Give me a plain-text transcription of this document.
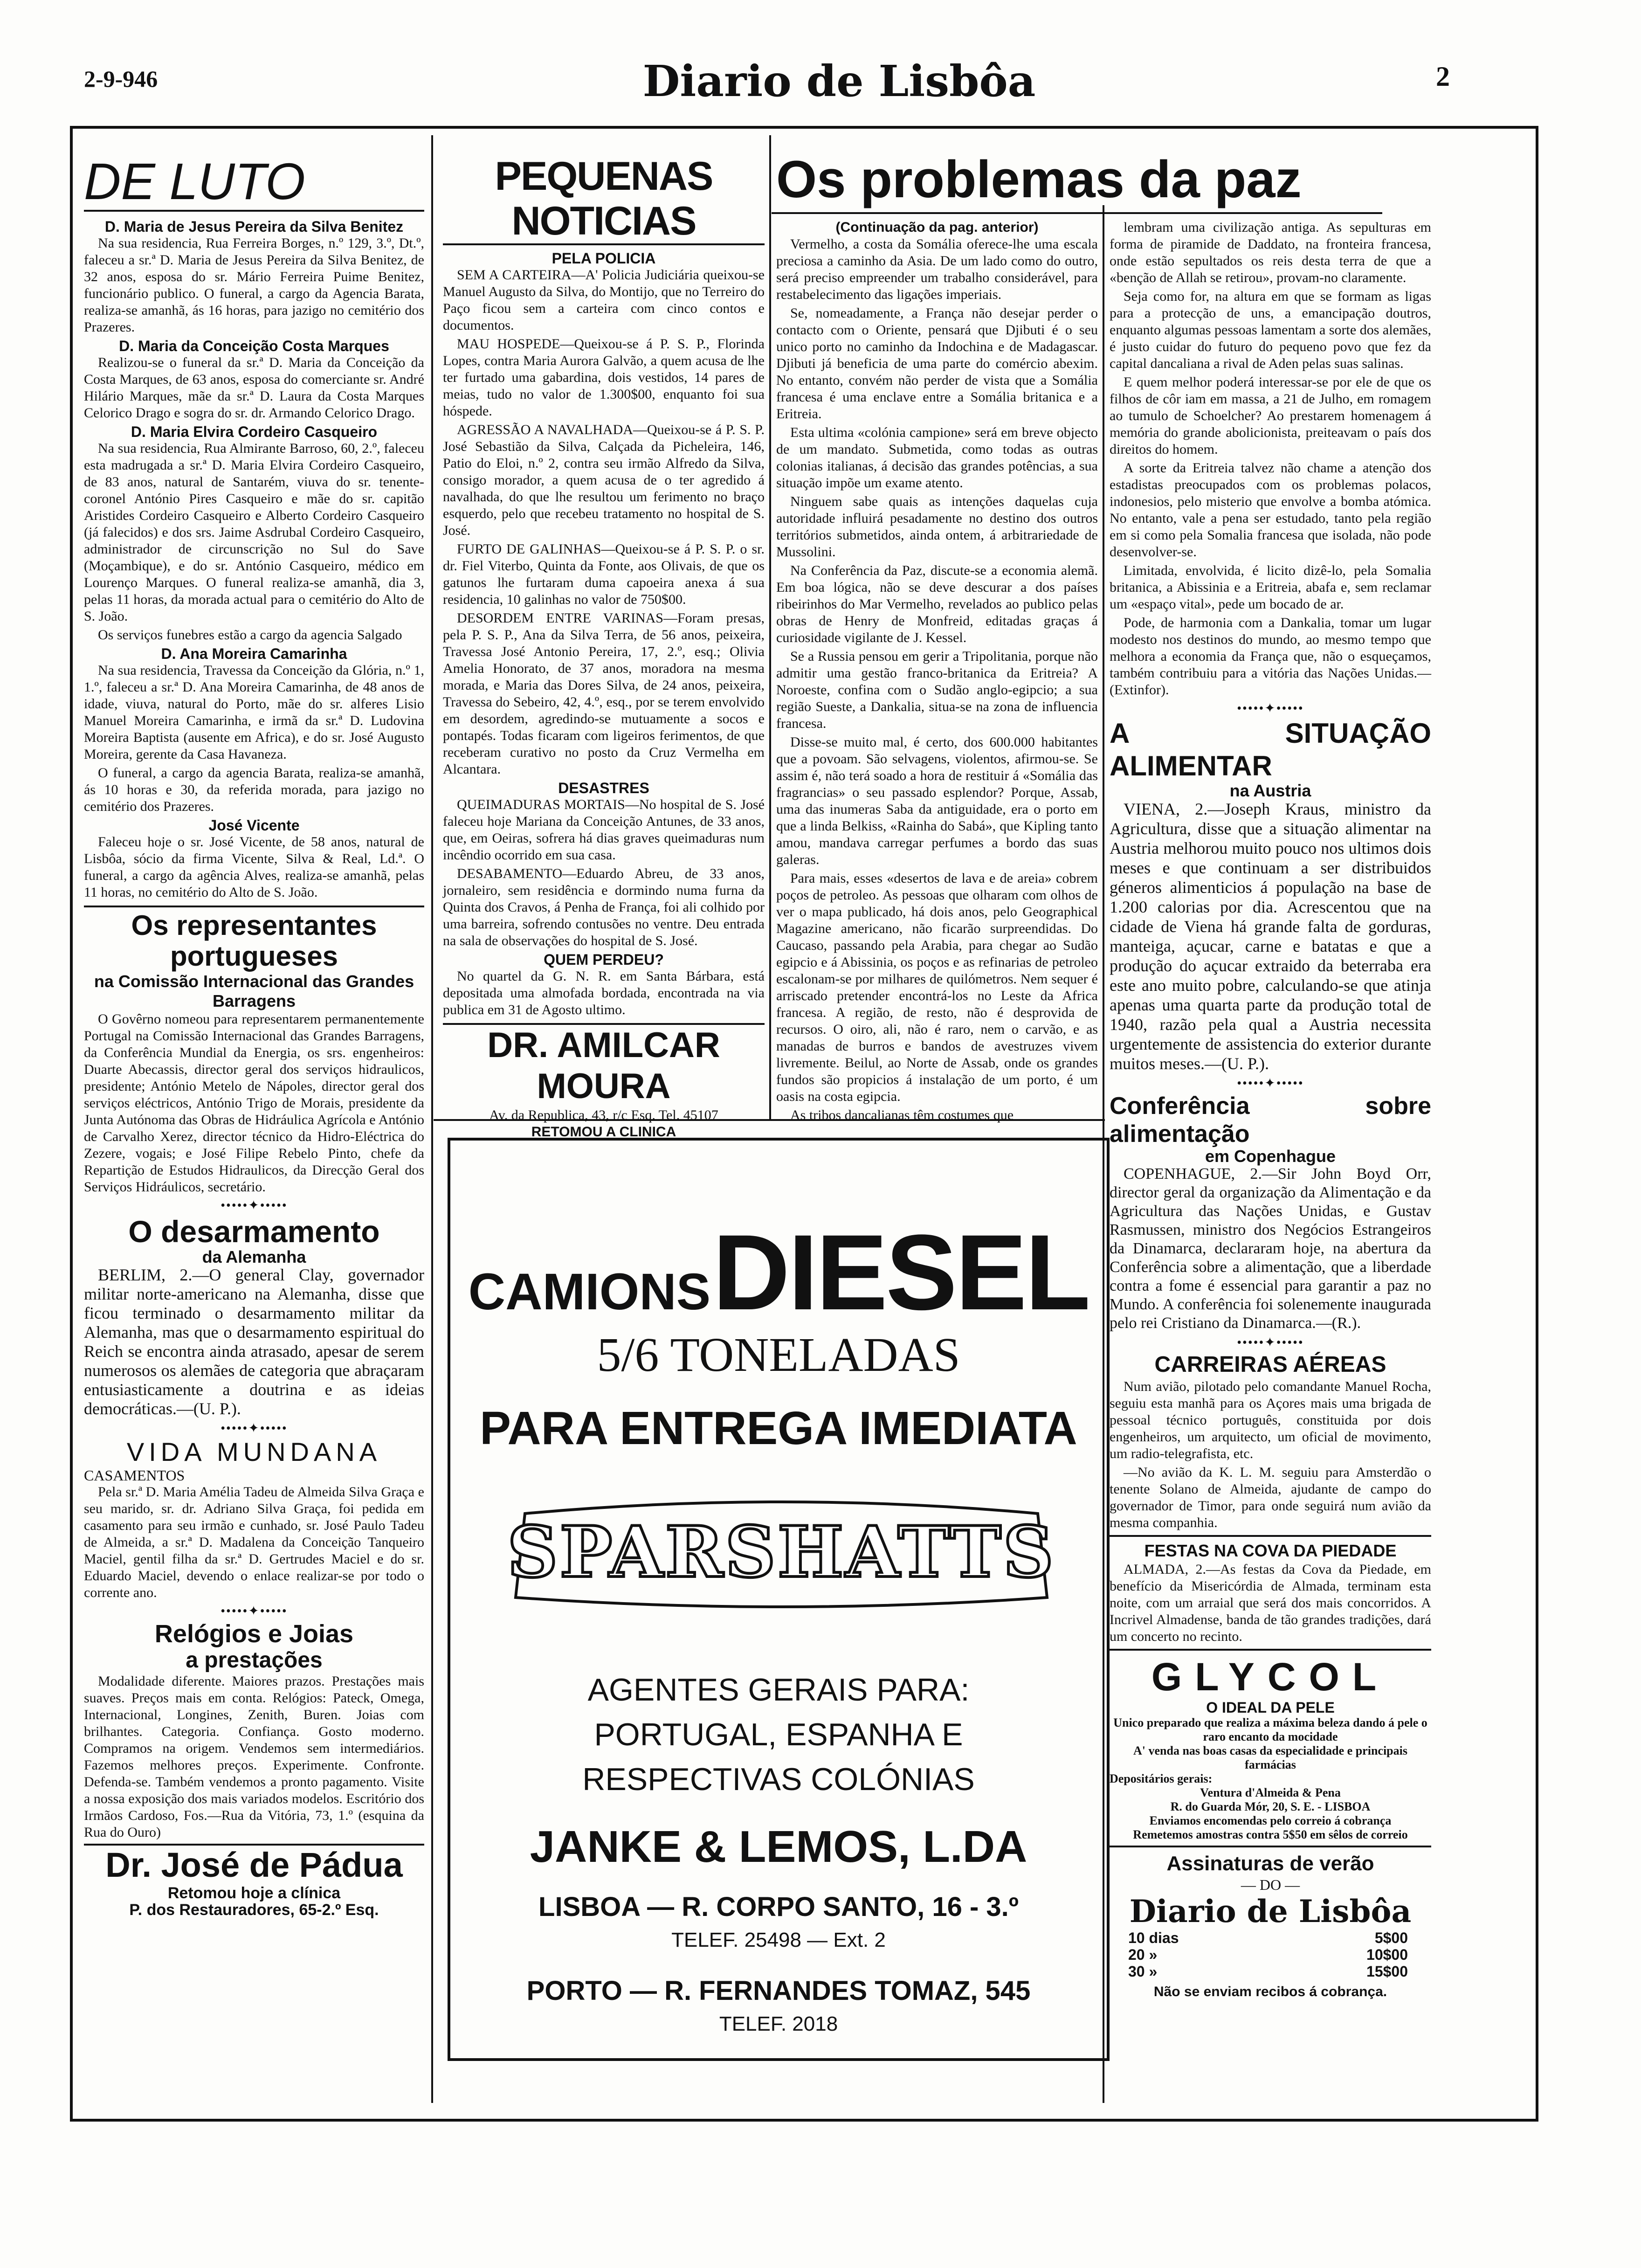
2-9-946	Diario de Lisbôa	2
DE LUTO
D. Maria de Jesus Pereira da Silva Benitez

Na sua residencia, Rua Ferreira Borges, n.º 129, 3.º, Dt.º, faleceu a sr.ª D. Maria de Jesus Pereira da Silva Benitez, de 32 anos, esposa do sr. Mário Ferreira Puime Benitez, funcionário publico. O funeral, a cargo da Agencia Barata, realiza-se amanhã, ás 16 horas, para jazigo no cemitério dos Prazeres.

D. Maria da Conceição Costa Marques

Realizou-se o funeral da sr.ª D. Maria da Conceição da Costa Marques, de 63 anos, esposa do comerciante sr. André Hilário Marques, mãe da sr.ª D. Laura da Costa Marques Celorico Drago e sogra do sr. dr. Armando Celorico Drago.

D. Maria Elvira Cordeiro Casqueiro

Na sua residencia, Rua Almirante Barroso, 60, 2.º, faleceu esta madrugada a sr.ª D. Maria Elvira Cordeiro Casqueiro, de 83 anos, natural de Santarém, viuva do sr. tenente-coronel António Pires Casqueiro e mãe do sr. capitão Aristides Cordeiro Casqueiro e Alberto Cordeiro Casqueiro (já falecidos) e dos srs. Jaime Asdrubal Cordeiro Casqueiro, administrador de circunscrição no Sul do Save (Moçambique), e do sr. António Casqueiro, médico em Lourenço Marques. O funeral realiza-se amanhã, dia 3, pelas 11 horas, da morada actual para o cemitério do Alto de S. João.

Os serviços funebres estão a cargo da agencia Salgado

D. Ana Moreira Camarinha

Na sua residencia, Travessa da Conceição da Glória, n.º 1, 1.º, faleceu a sr.ª D. Ana Moreira Camarinha, de 48 anos de idade, viuva, natural do Porto, mãe do sr. alferes Lisio Manuel Moreira Camarinha, e irmã da sr.ª D. Ludovina Moreira Baptista (ausente em Africa), e do sr. José Augusto Moreira, gerente da Casa Havaneza.

O funeral, a cargo da agencia Barata, realiza-se amanhã, ás 10 horas e 30, da referida morada, para jazigo no cemitério dos Prazeres.

José Vicente

Faleceu hoje o sr. José Vicente, de 58 anos, natural de Lisbôa, sócio da firma Vicente, Silva & Real, Ld.ª. O funeral, a cargo da agência Alves, realiza-se amanhã, pelas 11 horas, no cemitério do Alto de S. João.

Os representantes portugueses
na Comissão Internacional das Grandes Barragens

O Govêrno nomeou para representarem permanentemente Portugal na Comissão Internacional das Grandes Barragens, da Conferência Mundial da Energia, os srs. engenheiros: Duarte Abecassis, director geral dos serviços hidraulicos, presidente; António Metelo de Nápoles, director geral dos serviços eléctricos, António Trigo de Morais, presidente da Junta Autónoma das Obras de Hidráulica Agrícola e António de Carvalho Xerez, director técnico da Hidro-Eléctrica do Zezere, vogais; e José Filipe Rebelo Pinto, chefe da Repartição de Estudos Hidraulicos, da Direcção Geral dos Serviços Hidráulicos, secretário.

•••••✦•••••
O desarmamento
da Alemanha

BERLIM, 2.—O general Clay, governador militar norte-americano na Alemanha, disse que ficou terminado o desarmamento militar da Alemanha, mas que o desarmamento espiritual do Reich se encontra ainda atrasado, apesar de serem numerosos os alemães de categoria que abraçaram entusiasticamente a doutrina e as ideias democráticas.—(U. P.).

•••••✦•••••
VIDA MUNDANA
CASAMENTOS

Pela sr.ª D. Maria Amélia Tadeu de Almeida Silva Graça e seu marido, sr. dr. Adriano Silva Graça, foi pedida em casamento para seu irmão e cunhado, sr. José Paulo Tadeu de Almeida, a sr.ª D. Madalena da Conceição Tanqueiro Maciel, gentil filha da sr.ª D. Gertrudes Maciel e do sr. Eduardo Maciel, devendo o enlace realizar-se por todo o corrente ano.

•••••✦•••••
Relógios e Joias
a prestações

Modalidade diferente. Maiores prazos. Prestações mais suaves. Preços mais em conta. Relógios: Pateck, Omega, Internacional, Longines, Zenith, Buren. Joias com brilhantes. Categoria. Confiança. Gosto moderno. Compramos na origem. Vendemos sem intermediários. Fazemos melhores preços. Experimente. Confronte. Defenda-se. Também vendemos a pronto pagamento. Visite a nossa exposição dos mais variados modelos. Escritório dos Irmãos Cardoso, Fos.—Rua da Vitória, 73, 1.º (esquina da Rua do Ouro)

Dr. José de Pádua
Retomou hoje a clínica
P. dos Restauradores, 65-2.º Esq.
PEQUENAS NOTICIAS
PELA POLICIA

SEM A CARTEIRA—A' Policia Judiciária queixou-se Manuel Augusto da Silva, do Montijo, que no Terreiro do Paço ficou sem a carteira com cinco contos e documentos.

MAU HOSPEDE—Queixou-se á P. S. P., Florinda Lopes, contra Maria Aurora Galvão, a quem acusa de lhe ter furtado uma gabardina, dois vestidos, 14 pares de meias, tudo no valor de 1.300$00, enquanto foi sua hóspede.

AGRESSÃO A NAVALHADA—Queixou-se á P. S. P. José Sebastião da Silva, Calçada da Picheleira, 146, Patio do Eloi, n.º 2, contra seu irmão Alfredo da Silva, consigo morador, a quem acusa de o ter agredido á navalhada, do que lhe resultou um ferimento no braço esquerdo, pelo que recebeu tratamento no hospital de S. José.

FURTO DE GALINHAS—Queixou-se á P. S. P. o sr. dr. Fiel Viterbo, Quinta da Fonte, aos Olivais, de que os gatunos lhe furtaram duma capoeira anexa á sua residencia, 10 galinhas no valor de 750$00.

DESORDEM ENTRE VARINAS—Foram presas, pela P. S. P., Ana da Silva Terra, de 56 anos, peixeira, Travessa José Antonio Pereira, 17, 2.º, esq.; Olivia Amelia Honorato, de 37 anos, moradora na mesma morada, e Maria das Dores Silva, de 24 anos, peixeira, Travessa do Sebeiro, 42, 4.º, esq., por se terem envolvido em desordem, agredindo-se mutuamente a socos e pontapés. Todas ficaram com ligeiros ferimentos, de que receberam curativo no posto da Cruz Vermelha em Alcantara.

DESASTRES

QUEIMADURAS MORTAIS—No hospital de S. José faleceu hoje Mariana da Conceição Antunes, de 33 anos, que, em Oeiras, sofrera há dias graves queimaduras num incêndio ocorrido em sua casa.

DESABAMENTO—Eduardo Abreu, de 33 anos, jornaleiro, sem residência e dormindo numa furna da Quinta dos Cravos, á Penha de França, foi ali colhido por uma barreira, sofrendo contusões no ventre. Deu entrada na sala de observações do hospital de S. José.

QUEM PERDEU?

No quartel da G. N. R. em Santa Bárbara, está depositada uma almofada bordada, encontrada na via publica em 31 de Agosto ultimo.

DR. AMILCAR MOURA
Av. da Republica, 43, r/c Esq. Tel. 45107
RETOMOU A CLINICA
Os problemas da paz
(Continuação da pag. anterior)

Vermelho, a costa da Somália oferece-lhe uma escala preciosa a caminho da Asia. De um lado como do outro, será preciso empreender um trabalho considerável, para restabelecimento das ligações imperiais.

Se, nomeadamente, a França não desejar perder o contacto com o Oriente, pensará que Djibuti é o seu unico porto no caminho da Indochina e de Madagascar. Djibuti já beneficia de uma parte do comércio abexim. No entanto, convém não perder de vista que a Somália francesa é uma enclave entre a Somália britanica e a Eritreia.

Esta ultima «colónia campione» será em breve objecto de um mandato. Submetida, como todas as outras colonias italianas, á decisão das grandes potências, a sua situação impõe um exame atento.

Ninguem sabe quais as intenções daquelas cuja autoridade influirá pesadamente no destino dos outros territórios submetidos, ainda ontem, á arbitrariedade de Mussolini.

Na Conferência da Paz, discute-se a economia alemã. Em boa lógica, não se deve descurar a dos países ribeirinhos do Mar Vermelho, revelados ao publico pelas obras de Henry de Monfreid, editadas graças á curiosidade vigilante de J. Kessel.

Se a Russia pensou em gerir a Tripolitania, porque não admitir uma gestão franco-britanica da Eritreia? A Noroeste, confina com o Sudão anglo-egipcio; a sua região Sueste, a Dankalia, situa-se na zona de influencia francesa.

Disse-se muito mal, é certo, dos 600.000 habitantes que a povoam. São selvagens, violentos, afirmou-se. Se assim é, não terá soado a hora de restituir á «Somália das fragrancias» o seu passado esplendor? Porque, Assab, uma das inumeras Saba da antiguidade, era o porto em que a linda Belkiss, «Rainha do Sabá», que Kipling tanto amou, mandava carregar perfumes a bordo das suas galeras.

Para mais, esses «desertos de lava e de areia» cobrem poços de petroleo. As pessoas que olharam com olhos de ver o mapa publicado, há dois anos, pelo Geographical Magazine americano, não ficarão surpreendidas. Do Caucaso, passando pela Arabia, para chegar ao Sudão egipcio e á Abissinia, os poços e as refinarias de petroleo escalonam-se por milhares de quilómetros. Nem sequer é arriscado pretender encontrá-los no Leste da Africa francesa. A região, de resto, não é desprovida de recursos. O oiro, ali, não é raro, nem o carvão, e as manadas de burros e bandos de avestruzes vivem livremente. Beilul, ao Norte de Assab, onde os grandes fundos são propicios á instalação de um porto, é um oasis na costa egipcia.

As tribos dancalianas têm costumes que

lembram uma civilização antiga. As sepulturas em forma de piramide de Daddato, na fronteira francesa, onde estão sepultados os reis desta terra de que a «benção de Allah se retirou», provam-no claramente.

Seja como for, na altura em que se formam as ligas para a protecção de uns, a emancipação doutros, enquanto algumas pessoas lamentam a sorte dos alemães, é justo cuidar do futuro do pequeno povo que fez da capital dancaliana a rival de Aden pelas suas salinas.

E quem melhor poderá interessar-se por ele de que os filhos de côr iam em massa, a 21 de Julho, em romagem ao tumulo de Schoelcher? Ao prestarem homenagem á memória do grande abolicionista, preiteavam o país dos direitos do homem.

A sorte da Eritreia talvez não chame a atenção dos estadistas preocupados com os problemas polacos, indonesios, pelo misterio que envolve a bomba atómica. No entanto, vale a pena ser estudado, tanto pela região em si como pela Somalia francesa que isolada, não pode desenvolver-se.

Limitada, envolvida, é licito dizê-lo, pela Somalia britanica, a Abissinia e a Eritreia, abafa e, sem reclamar um «espaço vital», pede um bocado de ar.

Pode, de harmonia com a Dankalia, tomar um lugar modesto nos destinos do mundo, ao mesmo tempo que melhora a economia da França que, não o esqueçamos, também contribuiu para a vitória das Nações Unidas.—(Extinfor).

•••••✦•••••
A SITUAÇÃO ALIMENTAR
na Austria

VIENA, 2.—Joseph Kraus, ministro da Agricultura, disse que a situação alimentar na Austria melhorou muito pouco nos ultimos dois meses e que continuam a ser distribuidos géneros alimenticios á população na base de 1.200 calorias por dia. Acrescentou que na cidade de Viena há grande falta de gorduras, manteiga, açucar, carne e batatas e que a produção do açucar extraido da beterraba era este ano muito pobre, calculando-se que atinja apenas uma quarta parte da produção total de 1940, razão pela qual a Austria necessita urgentemente de assistencia do exterior durante muitos meses.—(U. P.).

•••••✦•••••
Conferência sobre alimentação
em Copenhague

COPENHAGUE, 2.—Sir John Boyd Orr, director geral da organização da Alimentação e da Agricultura das Nações Unidas, e Gustav Rasmussen, ministro dos Negócios Estrangeiros da Dinamarca, declararam hoje, na abertura da Conferência sobre a alimentação, que a liberdade contra a fome é essencial para garantir a paz no Mundo. A conferência foi solenemente inaugurada pelo rei Cristiano da Dinamarca.—(R.).

•••••✦•••••
CARREIRAS AÉREAS

Num avião, pilotado pelo comandante Manuel Rocha, seguiu esta manhã para os Açores mais uma brigada de pessoal técnico português, constituida por dois engenheiros, um arquitecto, um oficial de movimento, um radio-telegrafista, etc.

—No avião da K. L. M. seguiu para Amsterdão o tenente Solano de Almeida, ajudante de campo do governador de Timor, para onde seguirá num avião da mesma companhia.

FESTAS NA COVA DA PIEDADE

ALMADA, 2.—As festas da Cova da Piedade, em benefício da Misericórdia de Almada, terminam esta noite, com um arraial que será dos mais concorridos. A Incrivel Almadense, banda de tão grandes tradições, dará um concerto no recinto.

GLYCOL
O IDEAL DA PELE
Unico preparado que realiza a máxima beleza dando á pele o raro encanto da mocidade
A' venda nas boas casas da especialidade e principais farmácias
Depositários gerais:
Ventura d'Almeida & Pena
R. do Guarda Mór, 20, S. E. - LISBOA
Enviamos encomendas pelo correio á cobrança
Remetemos amostras contra 5$50 em sêlos de correio
Assinaturas de verão
— DO —
Diario de Lisbôa
10 dias	5$00
20 »	10$00
30 »	15$00
Não se enviam recibos á cobrança.
CAMIONS DIESEL
5/6 TONELADAS
PARA ENTREGA IMEDIATA
SPARSHATTS
AGENTES GERAIS PARA:
PORTUGAL, ESPANHA E
RESPECTIVAS COLÓNIAS
JANKE & LEMOS, L.DA
LISBOA — R. CORPO SANTO, 16 - 3.º
TELEF. 25498 — Ext. 2
PORTO — R. FERNANDES TOMAZ, 545
TELEF. 2018
